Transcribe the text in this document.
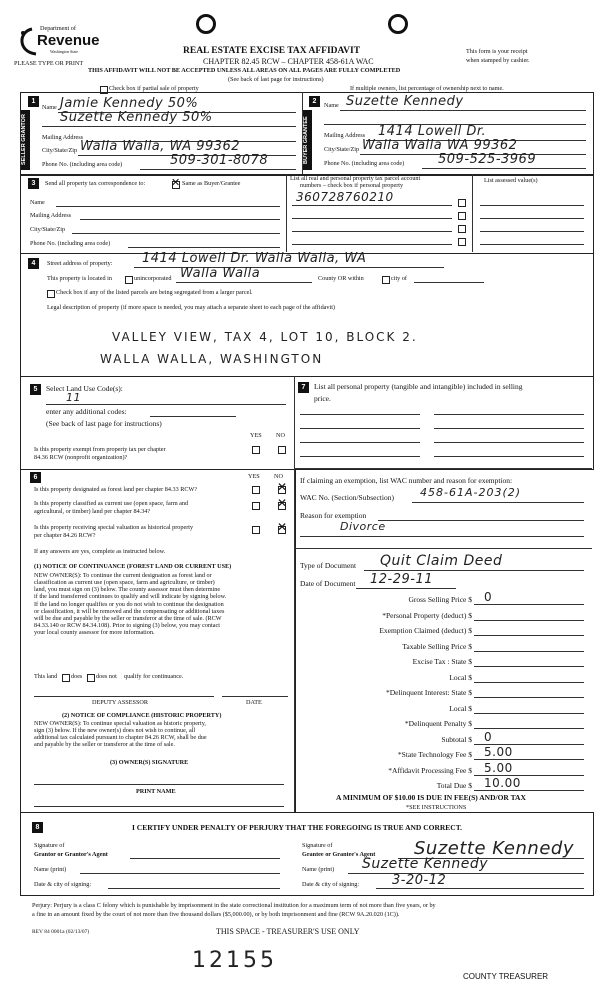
Department of
Revenue
Washington State
PLEASE TYPE OR PRINT
REAL ESTATE EXCISE TAX AFFIDAVIT
CHAPTER 82.45 RCW – CHAPTER 458-61A WAC
This form is your receipt
when stamped by cashier.
THIS AFFIDAVIT WILL NOT BE ACCEPTED UNLESS ALL AREAS ON ALL PAGES ARE FULLY COMPLETED
(See back of last page for instructions)
Check box if partial sale of property	If multiple owners, list percentage of ownership next to name.
1
SELLER GRANTOR
Name Jamie Kennedy 50%
Suzette Kennedy 50%
Mailing Address
City/State/Zip Walla Walla, WA 99362
Phone No. (including area code)	509-301-8078
2
BUYER GRANTEE
Name Suzette Kennedy
Mailing Address 1414 Lowell Dr.
City/State/Zip Walla Walla WA 99362
Phone No. (including area code)	509-525-3969
3	Send all property tax correspondence to: ✕ Same as Buyer/Grantee
Name
Mailing Address
City/State/Zip
Phone No. (including area code)
List all real and personal property tax parcel account
numbers – check box if personal property
List assessed value(s)
360728760210
4	Street address of property: 1414 Lowell Dr. Walla Walla, WA
This property is located in	unincorporated Walla Walla	County OR within	city of
Check box if any of the listed parcels are being segregated from a larger parcel.
Legal description of property (if more space is needed, you may attach a separate sheet to each page of the affidavit)
VALLEY VIEW, TAX 4, LOT 10, BLOCK 2.
WALLA WALLA, WASHINGTON
5	Select Land Use Code(s):
11
enter any additional codes:
(See back of last page for instructions)
YES NO
Is this property exempt from property tax per chapter
84.36 RCW (nonprofit organization)?
7	List all personal property (tangible and intangible) included in selling
price.
6	YES NO
Is this property designated as forest land per chapter 84.33 RCW?	✕
Is this property classified as current use (open space, farm and
agricultural, or timber) land per chapter 84.34?
✕
Is this property receiving special valuation as historical property
per chapter 84.26 RCW?
✕
If any answers are yes, complete as instructed below.
(1) NOTICE OF CONTINUANCE (FOREST LAND OR CURRENT USE)
NEW OWNER(S): To continue the current designation as forest land or
classification as current use (open space, farm and agriculture, or timber)
land, you must sign on (3) below. The county assessor must then determine
if the land transferred continues to qualify and will indicate by signing below.
If the land no longer qualifies or you do not wish to continue the designation
or classification, it will be removed and the compensating or additional taxes
will be due and payable by the seller or transferor at the time of sale. (RCW
84.33.140 or RCW 84.34.108). Prior to signing (3) below, you may contact
your local county assessor for more information.
This land does does not qualify for continuance.
DEPUTY ASSESSOR	DATE
(2) NOTICE OF COMPLIANCE (HISTORIC PROPERTY)
NEW OWNER(S): To continue special valuation as historic property,
sign (3) below. If the new owner(s) does not wish to continue, all
additional tax calculated pursuant to chapter 84.26 RCW, shall be due
and payable by the seller or transferor at the time of sale.
(3) OWNER(S) SIGNATURE
PRINT NAME
If claiming an exemption, list WAC number and reason for exemption:
WAC No. (Section/Subsection) 458-61A-203(2)
Reason for exemption
Divorce
Type of Document Quit Claim Deed
Date of Document 12-29-11
Gross Selling Price $ 0
*Personal Property (deduct) $
Exemption Claimed (deduct) $
Taxable Selling Price $
Excise Tax : State $
Local $
*Delinquent Interest: State $
Local $
*Delinquent Penalty $
Subtotal $ 0
*State Technology Fee $ 5.00
*Affidavit Processing Fee $ 5.00
Total Due $ 10.00
A MINIMUM OF $10.00 IS DUE IN FEE(S) AND/OR TAX
*SEE INSTRUCTIONS
8	I CERTIFY UNDER PENALTY OF PERJURY THAT THE FOREGOING IS TRUE AND CORRECT.
Signature of
Grantor or Grantor's Agent
Name (print)
Date & city of signing:
Signature of
Grantee or Grantee's Agent Suzette Kennedy
Name (print) Suzette Kennedy
Date & city of signing:	3-20-12
Perjury: Perjury is a class C felony which is punishable by imprisonment in the state correctional institution for a maximum term of not more than five years, or by
a fine in an amount fixed by the court of not more than five thousand dollars ($5,000.00), or by both imprisonment and fine (RCW 9A.20.020 (1C)).
REV 84 0001a (02/13/07)	THIS SPACE - TREASURER'S USE ONLY
12155
COUNTY TREASURER
